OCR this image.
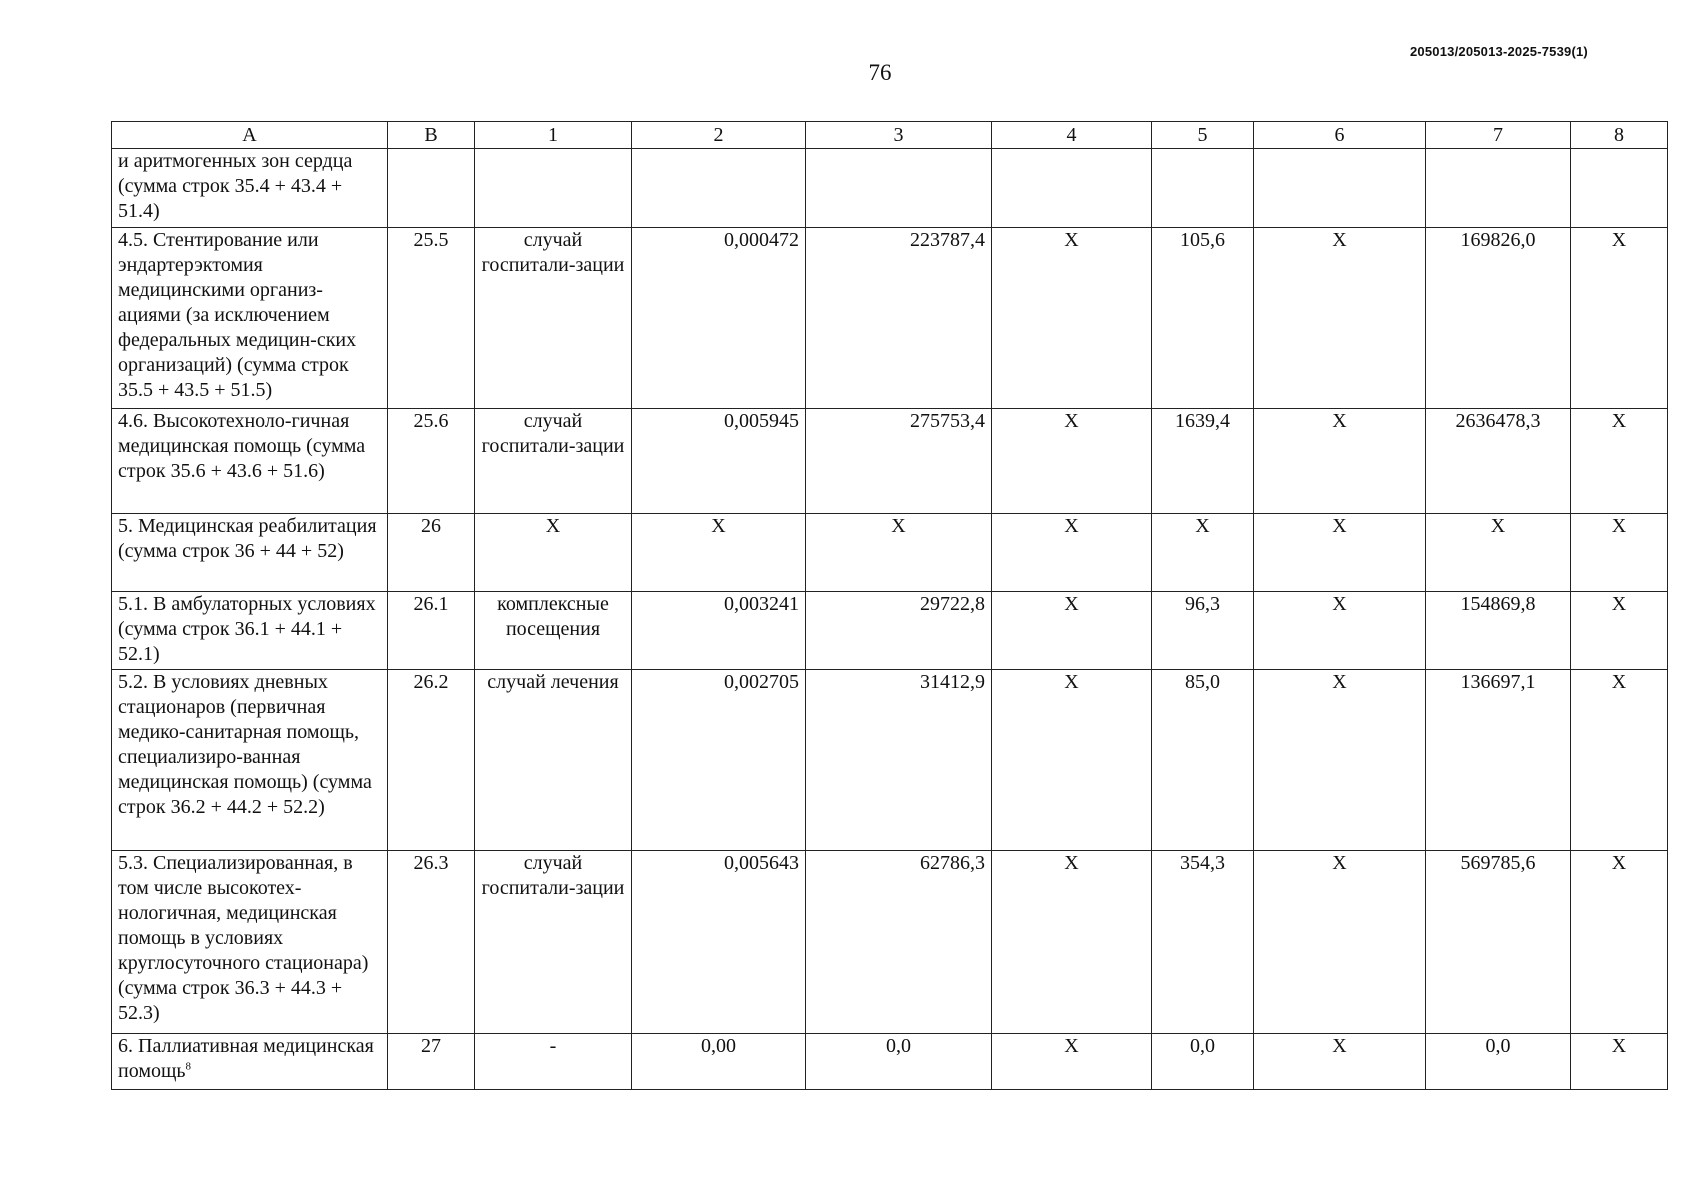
76
205013/205013-2025-7539(1)
A	B	1	2	3	4	5	6	7	8
и аритмогенных зон сердца (сумма строк 35.4 + 43.4 + 51.4)									
4.5. Стентирование или эндартерэктомия медицинскими организ-ациями (за исключением федеральных медицин-ских организаций) (сумма строк 35.5 + 43.5 + 51.5)	25.5	случай госпитали-зации	0,000472	223787,4	X	105,6	X	169826,0	X
4.6. Высокотехноло-гичная медицинская помощь (сумма строк 35.6 + 43.6 + 51.6)	25.6	случай госпитали-зации	0,005945	275753,4	X	1639,4	X	2636478,3	X
5. Медицинская реабилитация (сумма строк 36 + 44 + 52)	26	X	X	X	X	X	X	X	X
5.1. В амбулаторных условиях (сумма строк 36.1 + 44.1 + 52.1)	26.1	комплексные посещения	0,003241	29722,8	X	96,3	X	154869,8	X
5.2. В условиях дневных стационаров (первичная медико-санитарная помощь, специализиро-ванная медицинская помощь) (сумма строк 36.2 + 44.2 + 52.2)	26.2	случай лечения	0,002705	31412,9	X	85,0	X	136697,1	X
5.3. Специализированная, в том числе высокотех-нологичная, медицинская помощь в условиях круглосуточного стационара) (сумма строк 36.3 + 44.3 + 52.3)	26.3	случай госпитали-зации	0,005643	62786,3	X	354,3	X	569785,6	X
6. Паллиативная медицинская помощь$^8$	27	-	0,00	0,0	X	0,0	X	0,0	X
